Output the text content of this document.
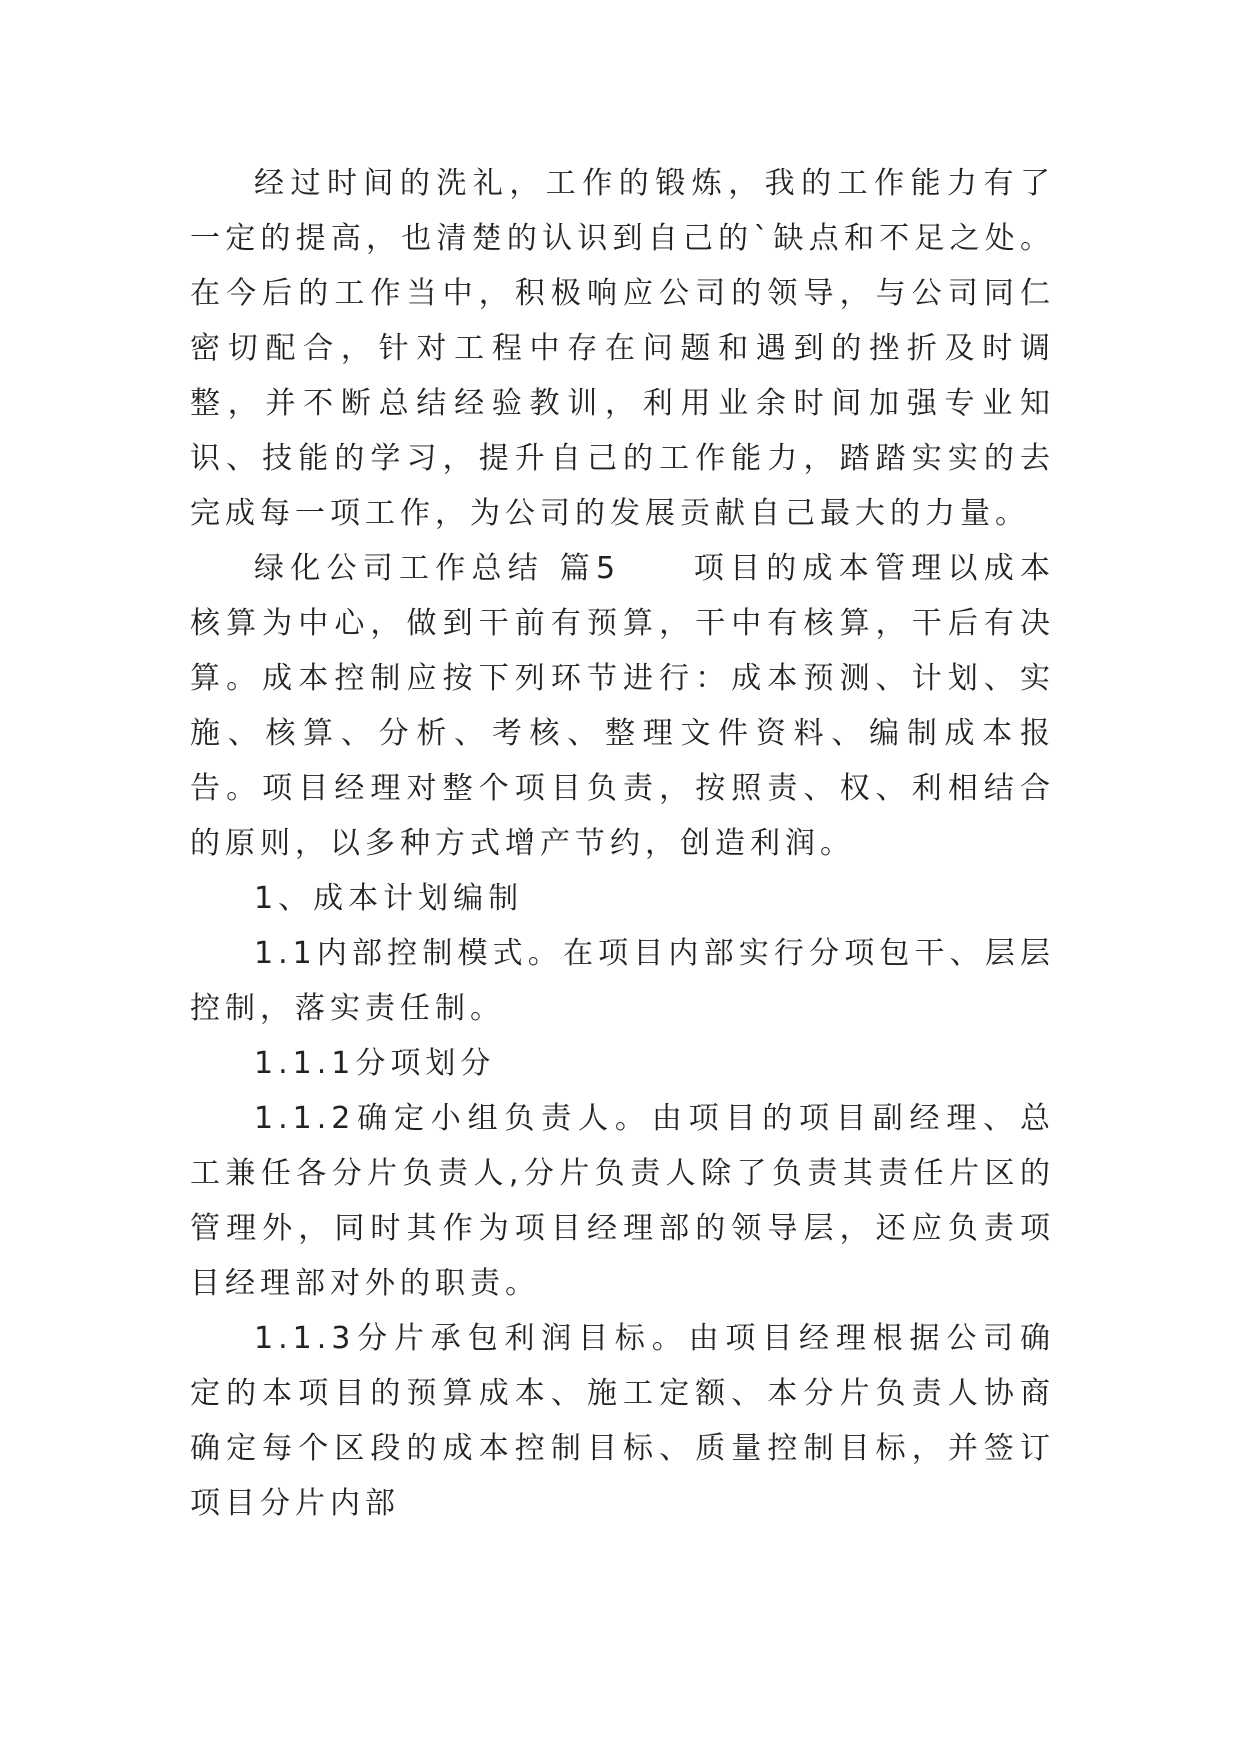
经过时间的洗礼，工作的锻炼，我的工作能力有了一定的提高，也清楚的认识到自己的`缺点和不足之处。在今后的工作当中，积极响应公司的领导，与公司同仁密切配合，针对工程中存在问题和遇到的挫折及时调整，并不断总结经验教训，利用业余时间加强专业知识、技能的学习，提升自己的工作能力，踏踏实实的去完成每一项工作，为公司的发展贡献自己最大的力量。

绿化公司工作总结 篇5　　项目的成本管理以成本核算为中心，做到干前有预算，干中有核算，干后有决算。成本控制应按下列环节进行：成本预测、计划、实施、核算、分析、考核、整理文件资料、编制成本报告。项目经理对整个项目负责，按照责、权、利相结合的原则，以多种方式增产节约，创造利润。

1、成本计划编制

1.1内部控制模式。在项目内部实行分项包干、层层控制，落实责任制。

1.1.1分项划分

1.1.2确定小组负责人。由项目的项目副经理、总工兼任各分片负责人,分片负责人除了负责其责任片区的管理外，同时其作为项目经理部的领导层，还应负责项目经理部对外的职责。

1.1.3分片承包利润目标。由项目经理根据公司确定的本项目的预算成本、施工定额、本分片负责人协商确定每个区段的成本控制目标、质量控制目标，并签订项目分片内部
